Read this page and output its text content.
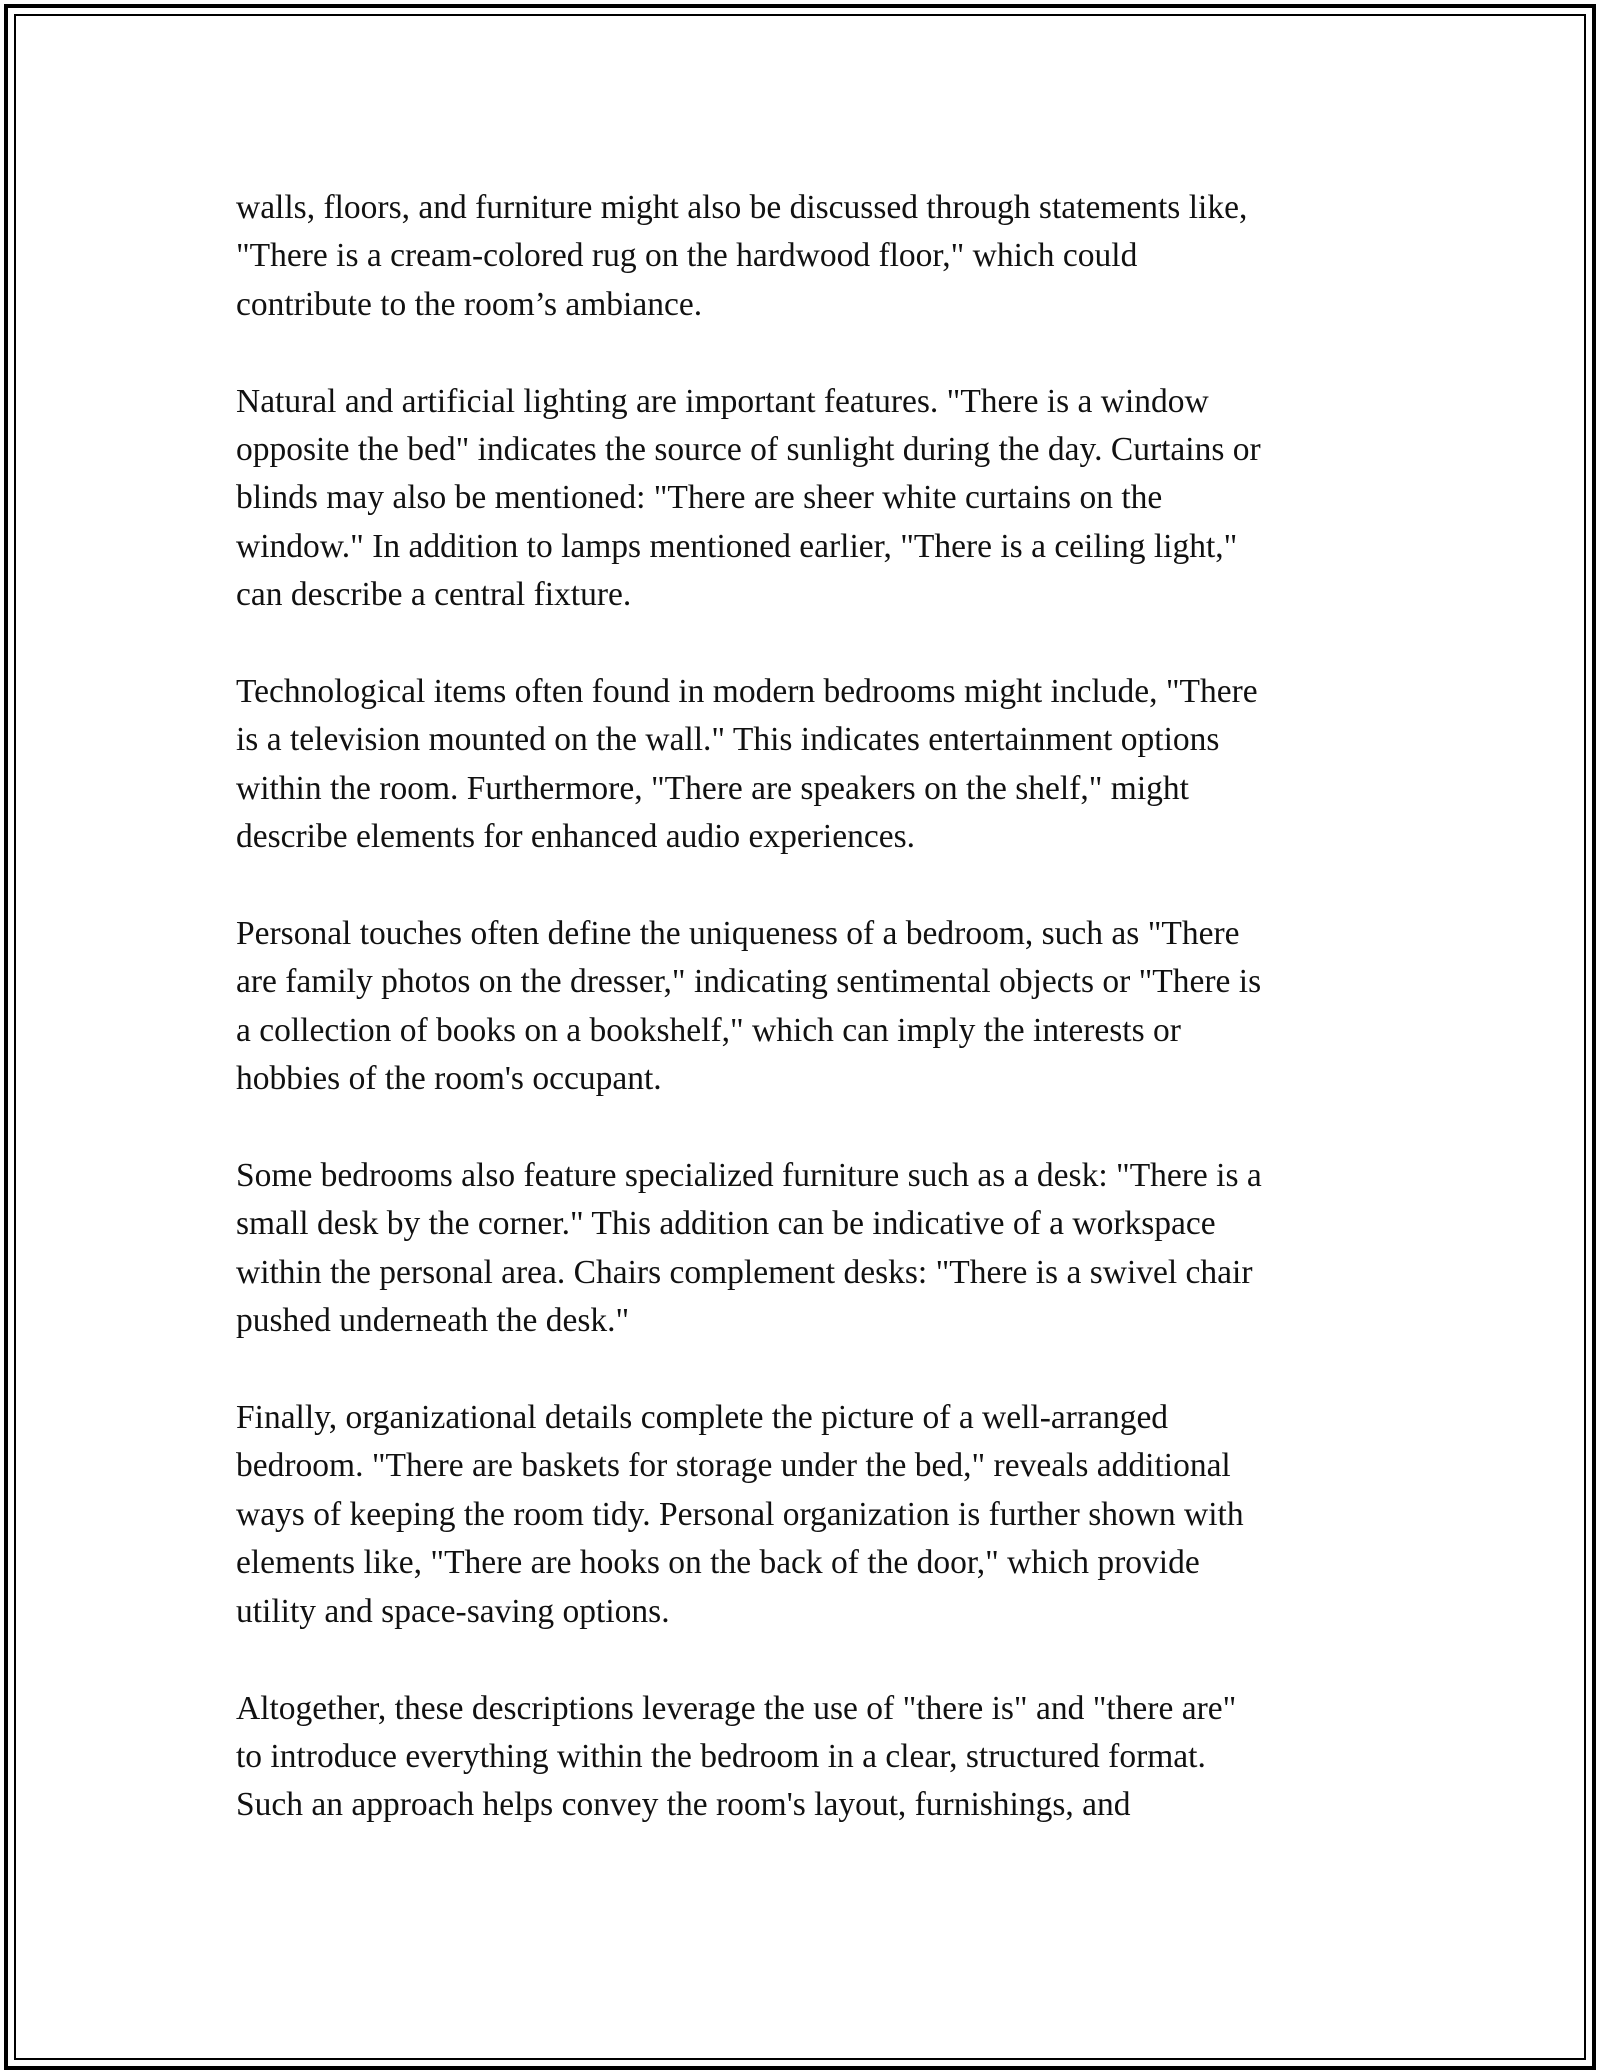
walls, floors, and furniture might also be discussed through statements like,
"There is a cream-colored rug on the hardwood floor," which could
contribute to the room’s ambiance.

Natural and artificial lighting are important features. "There is a window
opposite the bed" indicates the source of sunlight during the day. Curtains or
blinds may also be mentioned: "There are sheer white curtains on the
window." In addition to lamps mentioned earlier, "There is a ceiling light,"
can describe a central fixture.

Technological items often found in modern bedrooms might include, "There
is a television mounted on the wall." This indicates entertainment options
within the room. Furthermore, "There are speakers on the shelf," might
describe elements for enhanced audio experiences.

Personal touches often define the uniqueness of a bedroom, such as "There
are family photos on the dresser," indicating sentimental objects or "There is
a collection of books on a bookshelf," which can imply the interests or
hobbies of the room's occupant.

Some bedrooms also feature specialized furniture such as a desk: "There is a
small desk by the corner." This addition can be indicative of a workspace
within the personal area. Chairs complement desks: "There is a swivel chair
pushed underneath the desk."

Finally, organizational details complete the picture of a well-arranged
bedroom. "There are baskets for storage under the bed," reveals additional
ways of keeping the room tidy. Personal organization is further shown with
elements like, "There are hooks on the back of the door," which provide
utility and space-saving options.

Altogether, these descriptions leverage the use of "there is" and "there are"
to introduce everything within the bedroom in a clear, structured format.
Such an approach helps convey the room's layout, furnishings, and
